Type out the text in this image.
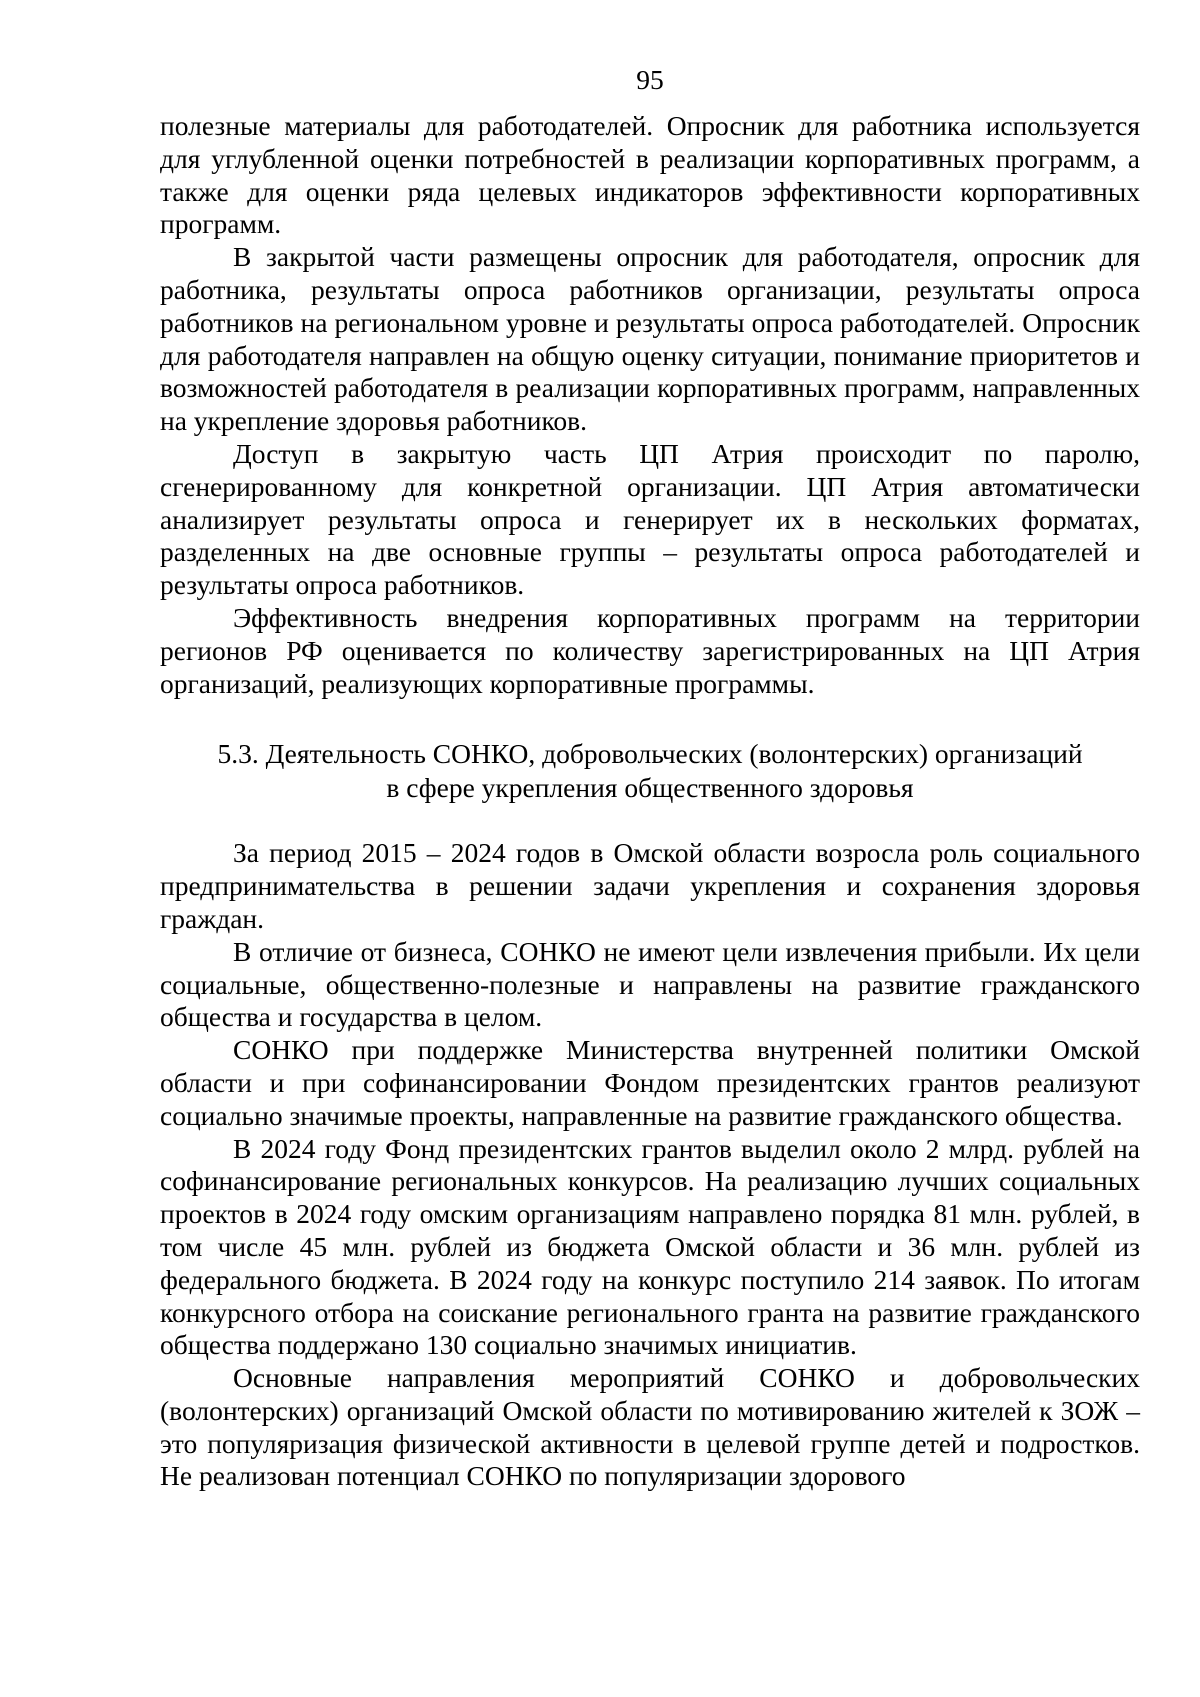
95

полезные материалы для работодателей. Опросник для работника используется для углубленной оценки потребностей в реализации корпоративных программ, а также для оценки ряда целевых индикаторов эффективности корпоративных программ.

В закрытой части размещены опросник для работодателя, опросник для работника, результаты опроса работников организации, результаты опроса работников на региональном уровне и результаты опроса работодателей. Опросник для работодателя направлен на общую оценку ситуации, понимание приоритетов и возможностей работодателя в реализации корпоративных программ, направленных на укрепление здоровья работников.

Доступ в закрытую часть ЦП Атрия происходит по паролю, сгенерированному для конкретной организации. ЦП Атрия автоматически анализирует результаты опроса и генерирует их в нескольких форматах, разделенных на две основные группы – результаты опроса работодателей и результаты опроса работников.

Эффективность внедрения корпоративных программ на территории регионов РФ оценивается по количеству зарегистрированных на ЦП Атрия организаций, реализующих корпоративные программы.

5.3. Деятельность СОНКО, добровольческих (волонтерских) организаций
в сфере укрепления общественного здоровья

За период 2015 – 2024 годов в Омской области возросла роль социального предпринимательства в решении задачи укрепления и сохранения здоровья граждан.

В отличие от бизнеса, СОНКО не имеют цели извлечения прибыли. Их цели социальные, общественно-полезные и направлены на развитие гражданского общества и государства в целом.

СОНКО при поддержке Министерства внутренней политики Омской области и при софинансировании Фондом президентских грантов реализуют социально значимые проекты, направленные на развитие гражданского общества.

В 2024 году Фонд президентских грантов выделил около 2 млрд. рублей на софинансирование региональных конкурсов. На реализацию лучших социальных проектов в 2024 году омским организациям направлено порядка 81 млн. рублей, в том числе 45 млн. рублей из бюджета Омской области и 36 млн. рублей из федерального бюджета. В 2024 году на конкурс поступило 214 заявок. По итогам конкурсного отбора на соискание регионального гранта на развитие гражданского общества поддержано 130 социально значимых инициатив.

Основные направления мероприятий СОНКО и добровольческих (волонтерских) организаций Омской области по мотивированию жителей к ЗОЖ – это популяризация физической активности в целевой группе детей и подростков. Не реализован потенциал СОНКО по популяризации здорового
